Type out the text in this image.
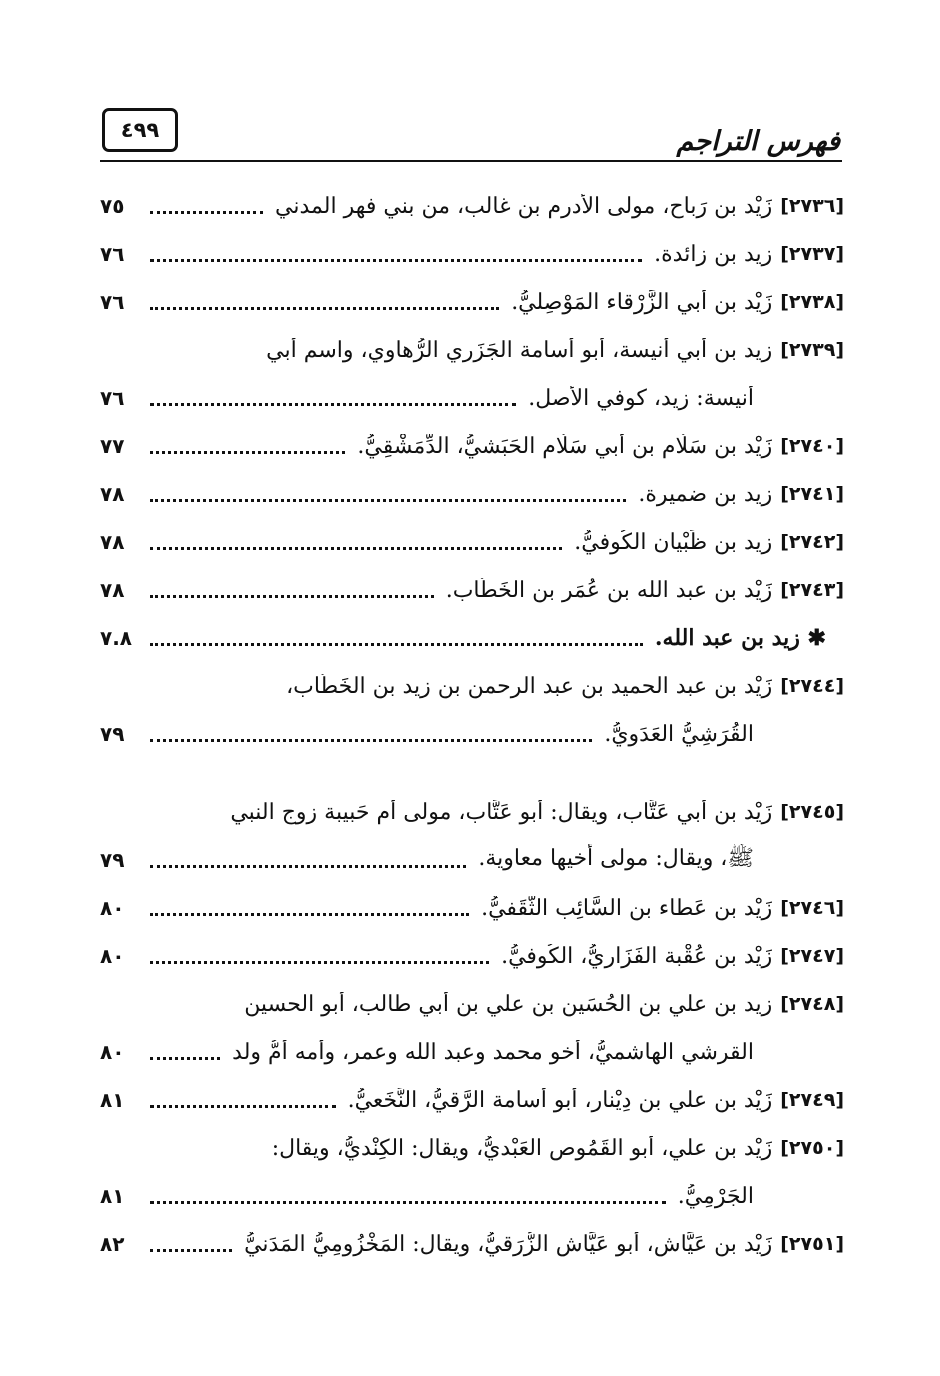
فهرس التراجم
٤٩٩
[٢٧٣٦]
زَيْد بن رَباح، مولى الأدرم بن غالب، من بني فهر المدني
٧٥
[٢٧٣٧]
زيد بن زائدة.
٧٦
[٢٧٣٨]
زَيْد بن أبي الزَّرْقاء المَوْصِليُّ.
٧٦
[٢٧٣٩]
زيد بن أبي أُنيسة، أبو أُسامة الجَزَرِي الرُّهاوي، واسم أبي
أُنيسة: زيد، كوفي الأصل.
٧٦
[٢٧٤٠]
زَيْد بن سَلَّام بن أبي سَلَّام الحَبَشيُّ، الدِّمَشْقِيُّ.
٧٧
[٢٧٤١]
زيد بن ضميرة.
٧٨
[٢٧٤٢]
زيد بن ظَبْيان الكُوفيُّ.
٧٨
[٢٧٤٣]
زَيْد بن عبد الله بن عُمَر بن الخَطَّاب.
٧٨
✱ زيد بن عبد الله.
٧.٨
[٢٧٤٤]
زَيْد بن عبد الحميد بن عبد الرحمن بن زيد بن الخَطَّاب،
القُرَشِيُّ العَدَوِيُّ.
٧٩
[٢٧٤٥]
زَيْد بن أبي عَتَّاب، ويقال: أبو عَتَّاب، مولى أم حَبيبة زوج النبي
ﷺ، ويقال: مولى أخيها معاوية.
٧٩
[٢٧٤٦]
زَيْد بن عَطاء بن السَّائِب الثَّقَفيُّ.
٨٠
[٢٧٤٧]
زَيْد بن عُقْبة الفَزَارِيُّ، الكُوفيُّ.
٨٠
[٢٧٤٨]
زيد بن علي بن الحُسَين بن علي بن أبي طالب، أبو الحسين
القرشي الهاشميُّ، أخو محمد وعبد الله وعمر، وأُمه أُمُّ ولد
٨٠
[٢٧٤٩]
زَيْد بن علي بن دِيْنار، أبو أُسامة الرَّقيُّ، النَّخَعيُّ.
٨١
[٢٧٥٠]
زَيْد بن علي، أبو القَمُوص العَبْديُّ، ويقال: الكِنْديُّ، ويقال:
الجَرْمِيُّ.
٨١
[٢٧٥١]
زَيْد بن عَيَّاش، أبو عَيَّاش الزُّرَقيُّ، ويقال: المَخْزُومِيُّ المَدَنيُّ
٨٢
